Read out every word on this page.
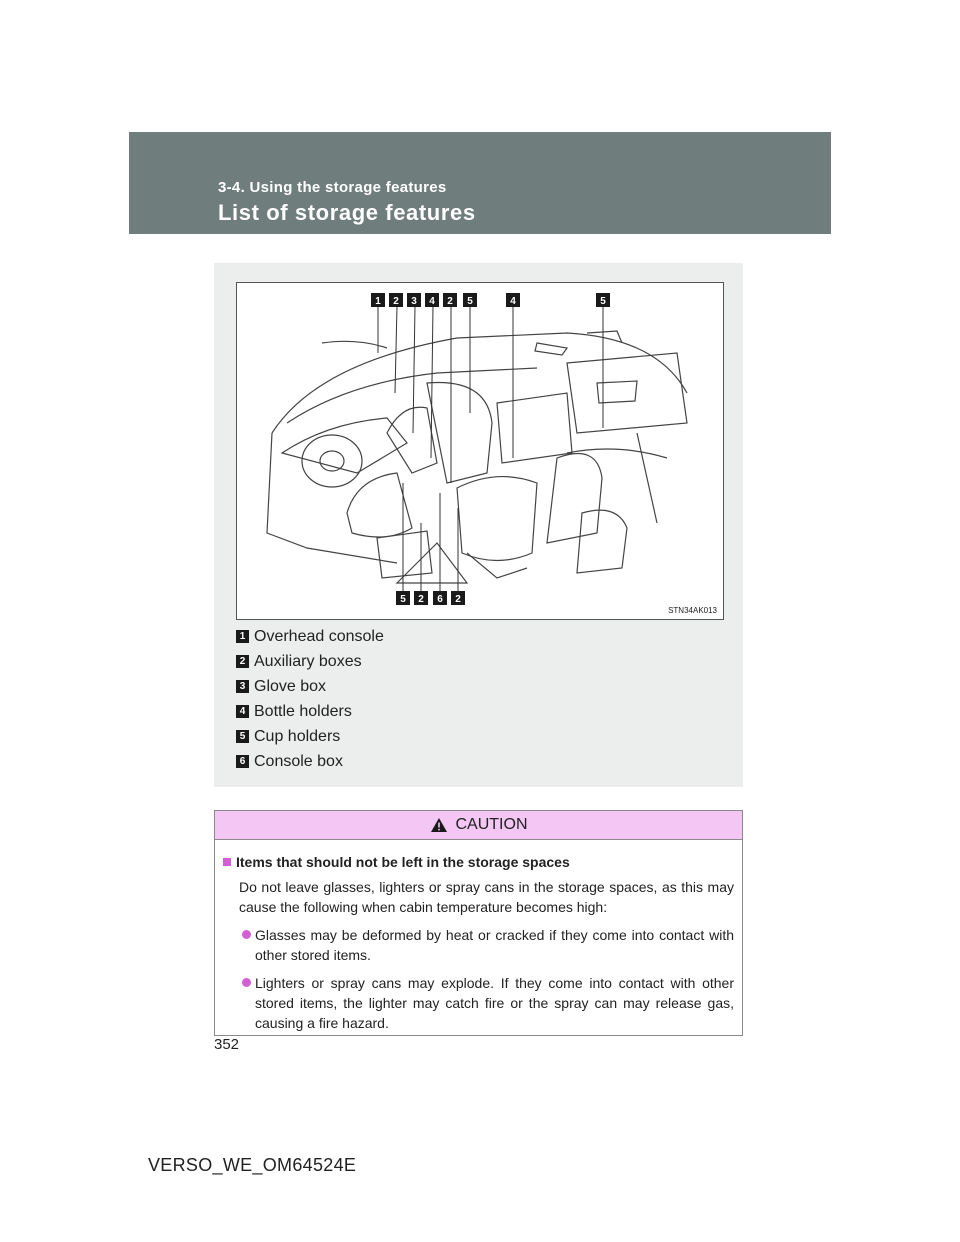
3-4. Using the storage features
List of storage features
1 2 3 4 2 5	4	5
5 2 6 2
STN34AK013
1 Overhead console
2 Auxiliary boxes
3 Glove box
4 Bottle holders
5 Cup holders
6 Console box
CAUTION
Items that should not be left in the storage spaces
Do not leave glasses, lighters or spray cans in the storage spaces, as this may cause the following when cabin temperature becomes high:
Glasses may be deformed by heat or cracked if they come into contact with other stored items.
Lighters or spray cans may explode. If they come into contact with other stored items, the lighter may catch fire or the spray can may release gas, causing a fire hazard.
352
VERSO_WE_OM64524E
